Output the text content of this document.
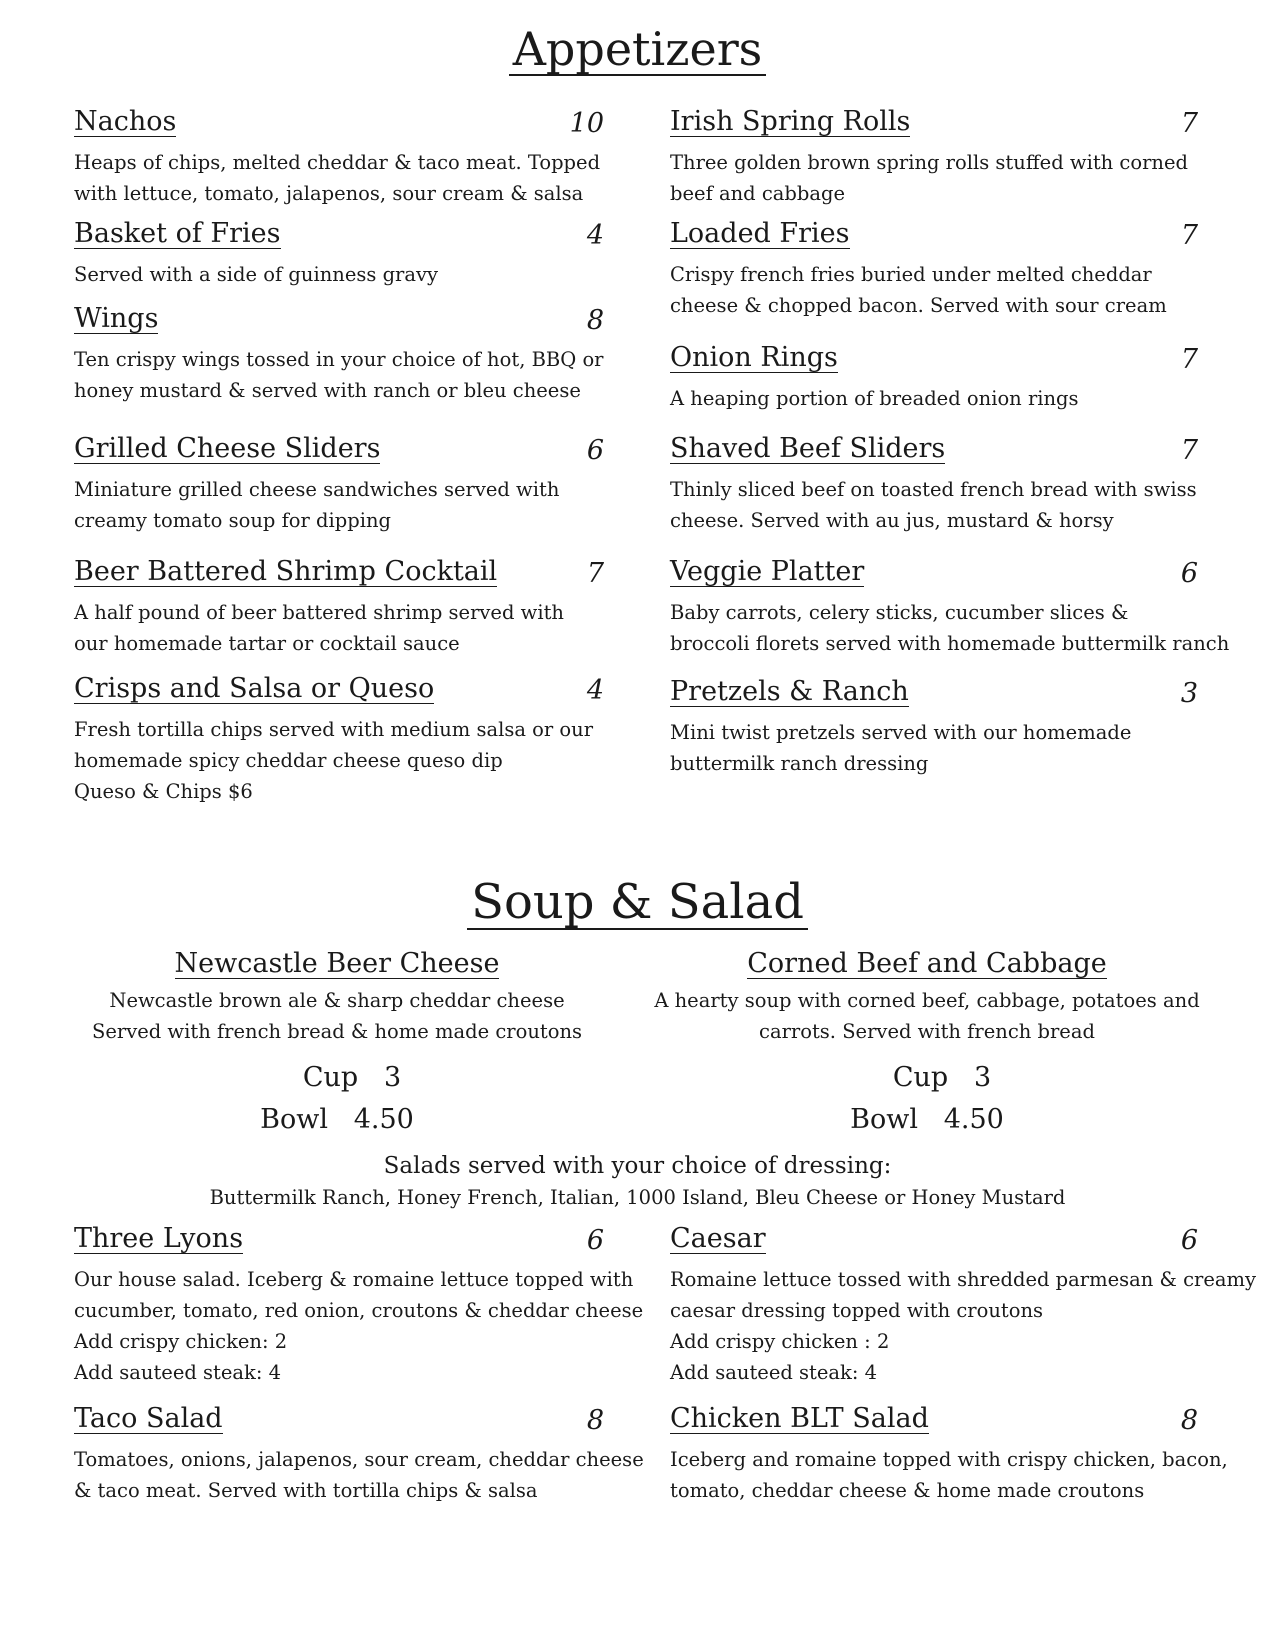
Appetizers
Nachos	10
Heaps of chips, melted cheddar & taco meat. Topped
with lettuce, tomato, jalapenos, sour cream & salsa
Basket of Fries	4
Served with a side of guinness gravy
Wings	8
Ten crispy wings tossed in your choice of hot, BBQ or
honey mustard & served with ranch or bleu cheese
Grilled Cheese Sliders	6
Miniature grilled cheese sandwiches served with
creamy tomato soup for dipping
Beer Battered Shrimp Cocktail	7
A half pound of beer battered shrimp served with
our homemade tartar or cocktail sauce
Crisps and Salsa or Queso	4
Fresh tortilla chips served with medium salsa or our
homemade spicy cheddar cheese queso dip
Queso & Chips $6
Irish Spring Rolls	7
Three golden brown spring rolls stuffed with corned
beef and cabbage
Loaded Fries	7
Crispy french fries buried under melted cheddar
cheese & chopped bacon. Served with sour cream
Onion Rings	7
A heaping portion of breaded onion rings
Shaved Beef Sliders	7
Thinly sliced beef on toasted french bread with swiss
cheese. Served with au jus, mustard & horsy
Veggie Platter	6
Baby carrots, celery sticks, cucumber slices &
broccoli florets served with homemade buttermilk ranch
Pretzels & Ranch	3
Mini twist pretzels served with our homemade
buttermilk ranch dressing
Soup & Salad
Newcastle Beer Cheese
Newcastle brown ale & sharp cheddar cheese
Served with french bread & home made croutons
Cup   3
Bowl   4.50
Corned Beef and Cabbage
A hearty soup with corned beef, cabbage, potatoes and
carrots. Served with french bread
Cup   3
Bowl   4.50
Salads served with your choice of dressing:
Buttermilk Ranch, Honey French, Italian, 1000 Island, Bleu Cheese or Honey Mustard
Three Lyons	6
Our house salad. Iceberg & romaine lettuce topped with
cucumber, tomato, red onion, croutons & cheddar cheese
Add crispy chicken: 2
Add sauteed steak: 4
Taco Salad	8
Tomatoes, onions, jalapenos, sour cream, cheddar cheese
& taco meat. Served with tortilla chips & salsa
Caesar	6
Romaine lettuce tossed with shredded parmesan & creamy
caesar dressing topped with croutons
Add crispy chicken : 2
Add sauteed steak: 4
Chicken BLT Salad	8
Iceberg and romaine topped with crispy chicken, bacon,
tomato, cheddar cheese & home made croutons
